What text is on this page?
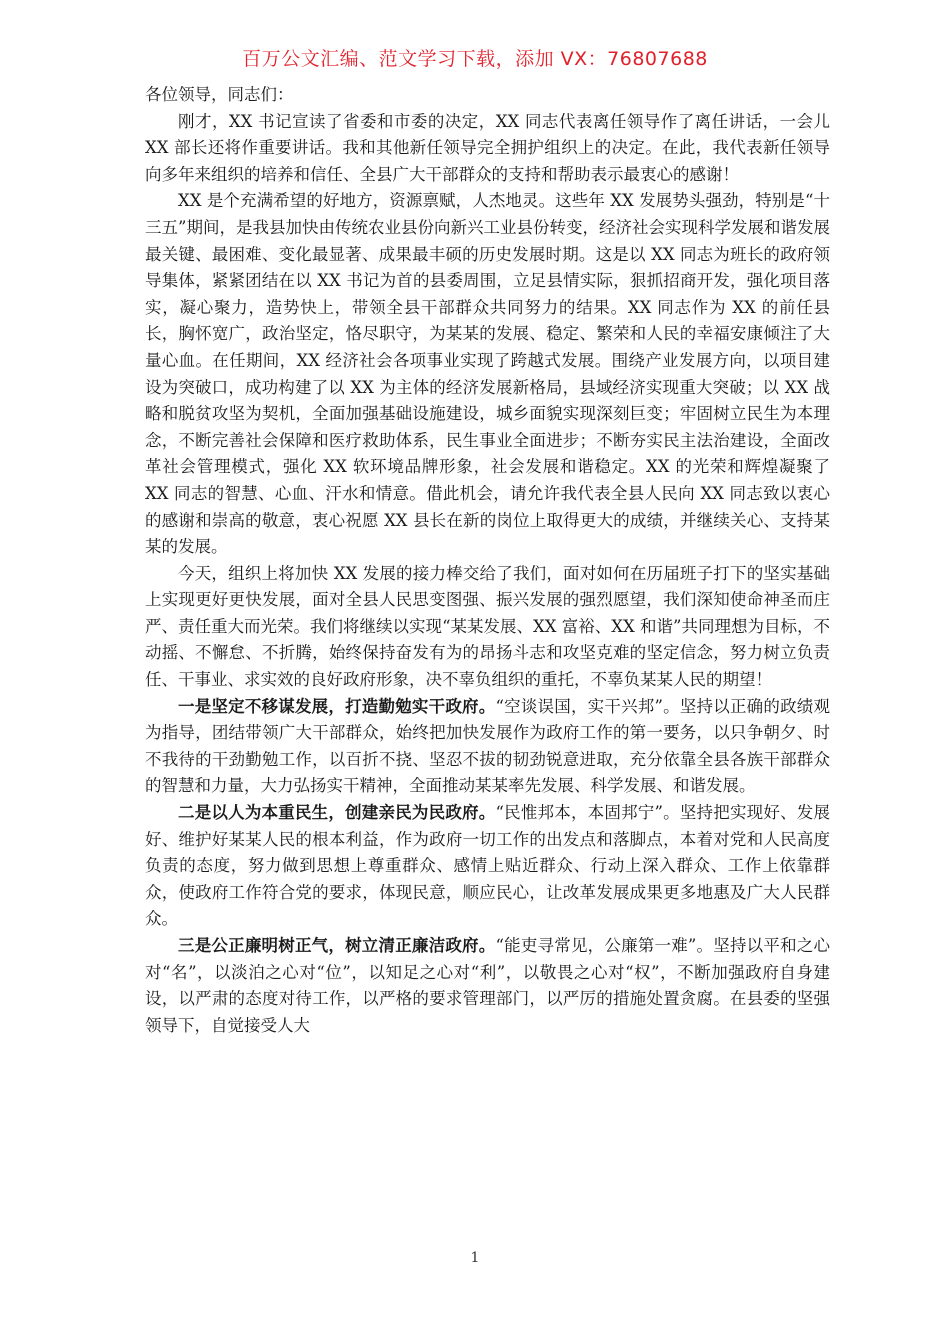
百万公文汇编、范文学习下载，添加 VX：76807688

各位领导，同志们：

刚才，XX 书记宣读了省委和市委的决定，XX 同志代表离任领导作了离任讲话，一会儿 XX 部长还将作重要讲话。我和其他新任领导完全拥护组织上的决定。在此，我代表新任领导向多年来组织的培养和信任、全县广大干部群众的支持和帮助表示最衷心的感谢！

XX 是个充满希望的好地方，资源禀赋，人杰地灵。这些年 XX 发展势头强劲，特别是“十三五”期间，是我县加快由传统农业县份向新兴工业县份转变，经济社会实现科学发展和谐发展最关键、最困难、变化最显著、成果最丰硕的历史发展时期。这是以 XX 同志为班长的政府领导集体，紧紧团结在以 XX 书记为首的县委周围，立足县情实际，狠抓招商开发，强化项目落实，凝心聚力，造势快上，带领全县干部群众共同努力的结果。XX 同志作为 XX 的前任县长，胸怀宽广，政治坚定，恪尽职守，为某某的发展、稳定、繁荣和人民的幸福安康倾注了大量心血。在任期间，XX 经济社会各项事业实现了跨越式发展。围绕产业发展方向，以项目建设为突破口，成功构建了以 XX 为主体的经济发展新格局，县域经济实现重大突破；以 XX 战略和脱贫攻坚为契机，全面加强基础设施建设，城乡面貌实现深刻巨变；牢固树立民生为本理念，不断完善社会保障和医疗救助体系，民生事业全面进步；不断夯实民主法治建设，全面改革社会管理模式，强化 XX 软环境品牌形象，社会发展和谐稳定。XX 的光荣和辉煌凝聚了 XX 同志的智慧、心血、汗水和情意。借此机会，请允许我代表全县人民向 XX 同志致以衷心的感谢和崇高的敬意，衷心祝愿 XX 县长在新的岗位上取得更大的成绩，并继续关心、支持某某的发展。

今天，组织上将加快 XX 发展的接力棒交给了我们，面对如何在历届班子打下的坚实基础上实现更好更快发展，面对全县人民思变图强、振兴发展的强烈愿望，我们深知使命神圣而庄严、责任重大而光荣。我们将继续以实现“某某发展、XX 富裕、XX 和谐”共同理想为目标，不动摇、不懈怠、不折腾，始终保持奋发有为的昂扬斗志和攻坚克难的坚定信念，努力树立负责任、干事业、求实效的良好政府形象，决不辜负组织的重托，不辜负某某人民的期望！

一是坚定不移谋发展，打造勤勉实干政府。“空谈误国，实干兴邦”。坚持以正确的政绩观为指导，团结带领广大干部群众，始终把加快发展作为政府工作的第一要务，以只争朝夕、时不我待的干劲勤勉工作，以百折不挠、坚忍不拔的韧劲锐意进取，充分依靠全县各族干部群众的智慧和力量，大力弘扬实干精神，全面推动某某率先发展、科学发展、和谐发展。

二是以人为本重民生，创建亲民为民政府。“民惟邦本，本固邦宁”。坚持把实现好、发展好、维护好某某人民的根本利益，作为政府一切工作的出发点和落脚点，本着对党和人民高度负责的态度，努力做到思想上尊重群众、感情上贴近群众、行动上深入群众、工作上依靠群众，使政府工作符合党的要求，体现民意，顺应民心，让改革发展成果更多地惠及广大人民群众。

三是公正廉明树正气，树立清正廉洁政府。“能吏寻常见，公廉第一难”。坚持以平和之心对“名”，以淡泊之心对“位”，以知足之心对“利”，以敬畏之心对“权”，不断加强政府自身建设，以严肃的态度对待工作，以严格的要求管理部门，以严厉的措施处置贪腐。在县委的坚强领导下，自觉接受人大

1
